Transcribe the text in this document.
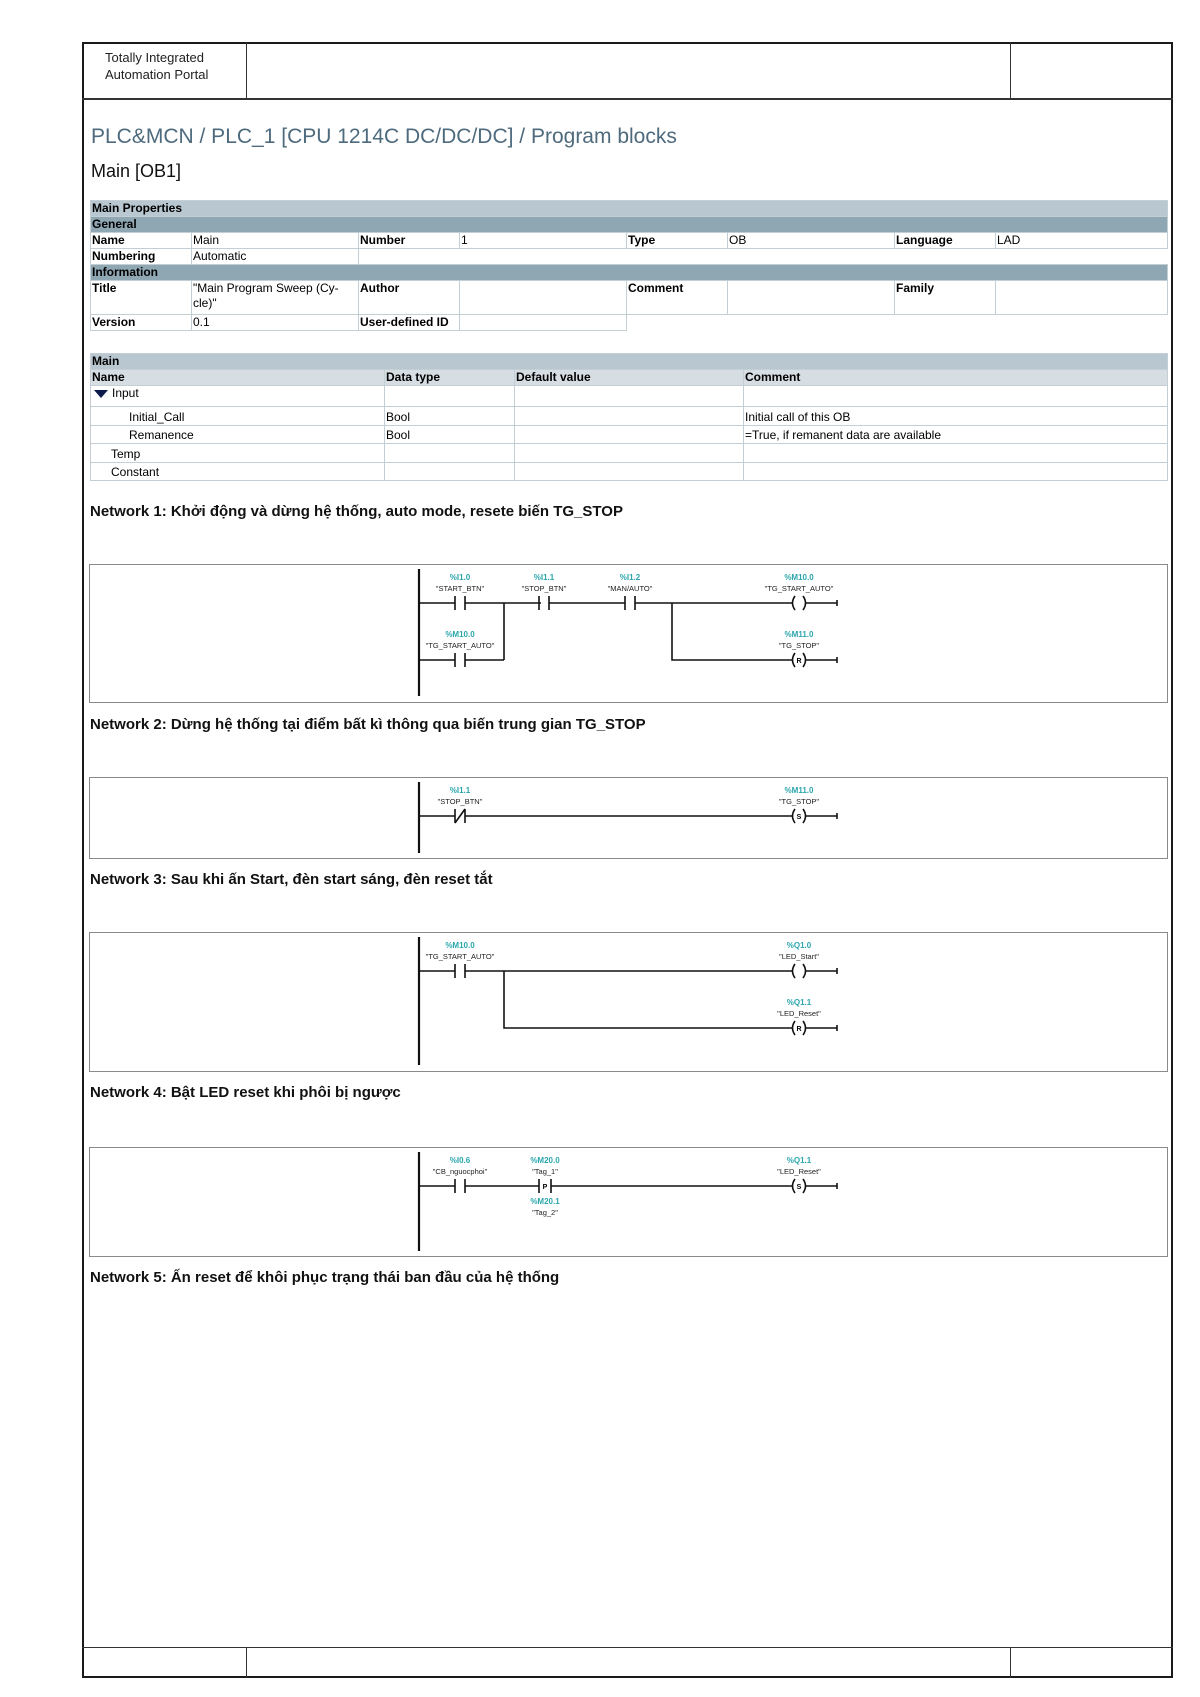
Totally Integrated
Automation Portal
PLC&MCN / PLC_1 [CPU 1214C DC/DC/DC] / Program blocks
Main [OB1]
Main Properties							
General							
Name	Main	Number	1	Type	OB	Language	LAD
Numbering	Automatic						
Information							
Title	"Main Program Sweep (Cy-
cle)"	Author		Comment		Family	
Version	0.1	User-defined ID					
Main			
Name	Data type	Default value	Comment
Input			
Initial_Call	Bool		Initial call of this OB
Remanence	Bool		=True, if remanent data are available
Temp			
Constant			
Network 1: Khởi động và dừng hệ thống, auto mode, resete biến TG_STOP
R
%I1.0
"START_BTN"
%I1.1
"STOP_BTN"
%I1.2
"MAN/AUTO"
%M10.0
"TG_START_AUTO"
%M10.0
"TG_START_AUTO"
%M11.0
"TG_STOP"
Network 2: Dừng hệ thống tại điểm bất kì thông qua biến trung gian TG_STOP
S
%I1.1
"STOP_BTN"
%M11.0
"TG_STOP"
Network 3: Sau khi ấn Start, đèn start sáng, đèn reset tắt
R
%M10.0
"TG_START_AUTO"
%Q1.0
"LED_Start"
%Q1.1
"LED_Reset"
Network 4: Bật LED reset khi phôi bị ngược
P	S
%I0.6
"CB_nguocphoi"
%M20.0
"Tag_1"
%M20.1
"Tag_2"
%Q1.1
"LED_Reset"
Network 5: Ấn reset để khôi phục trạng thái ban đầu của hệ thống
